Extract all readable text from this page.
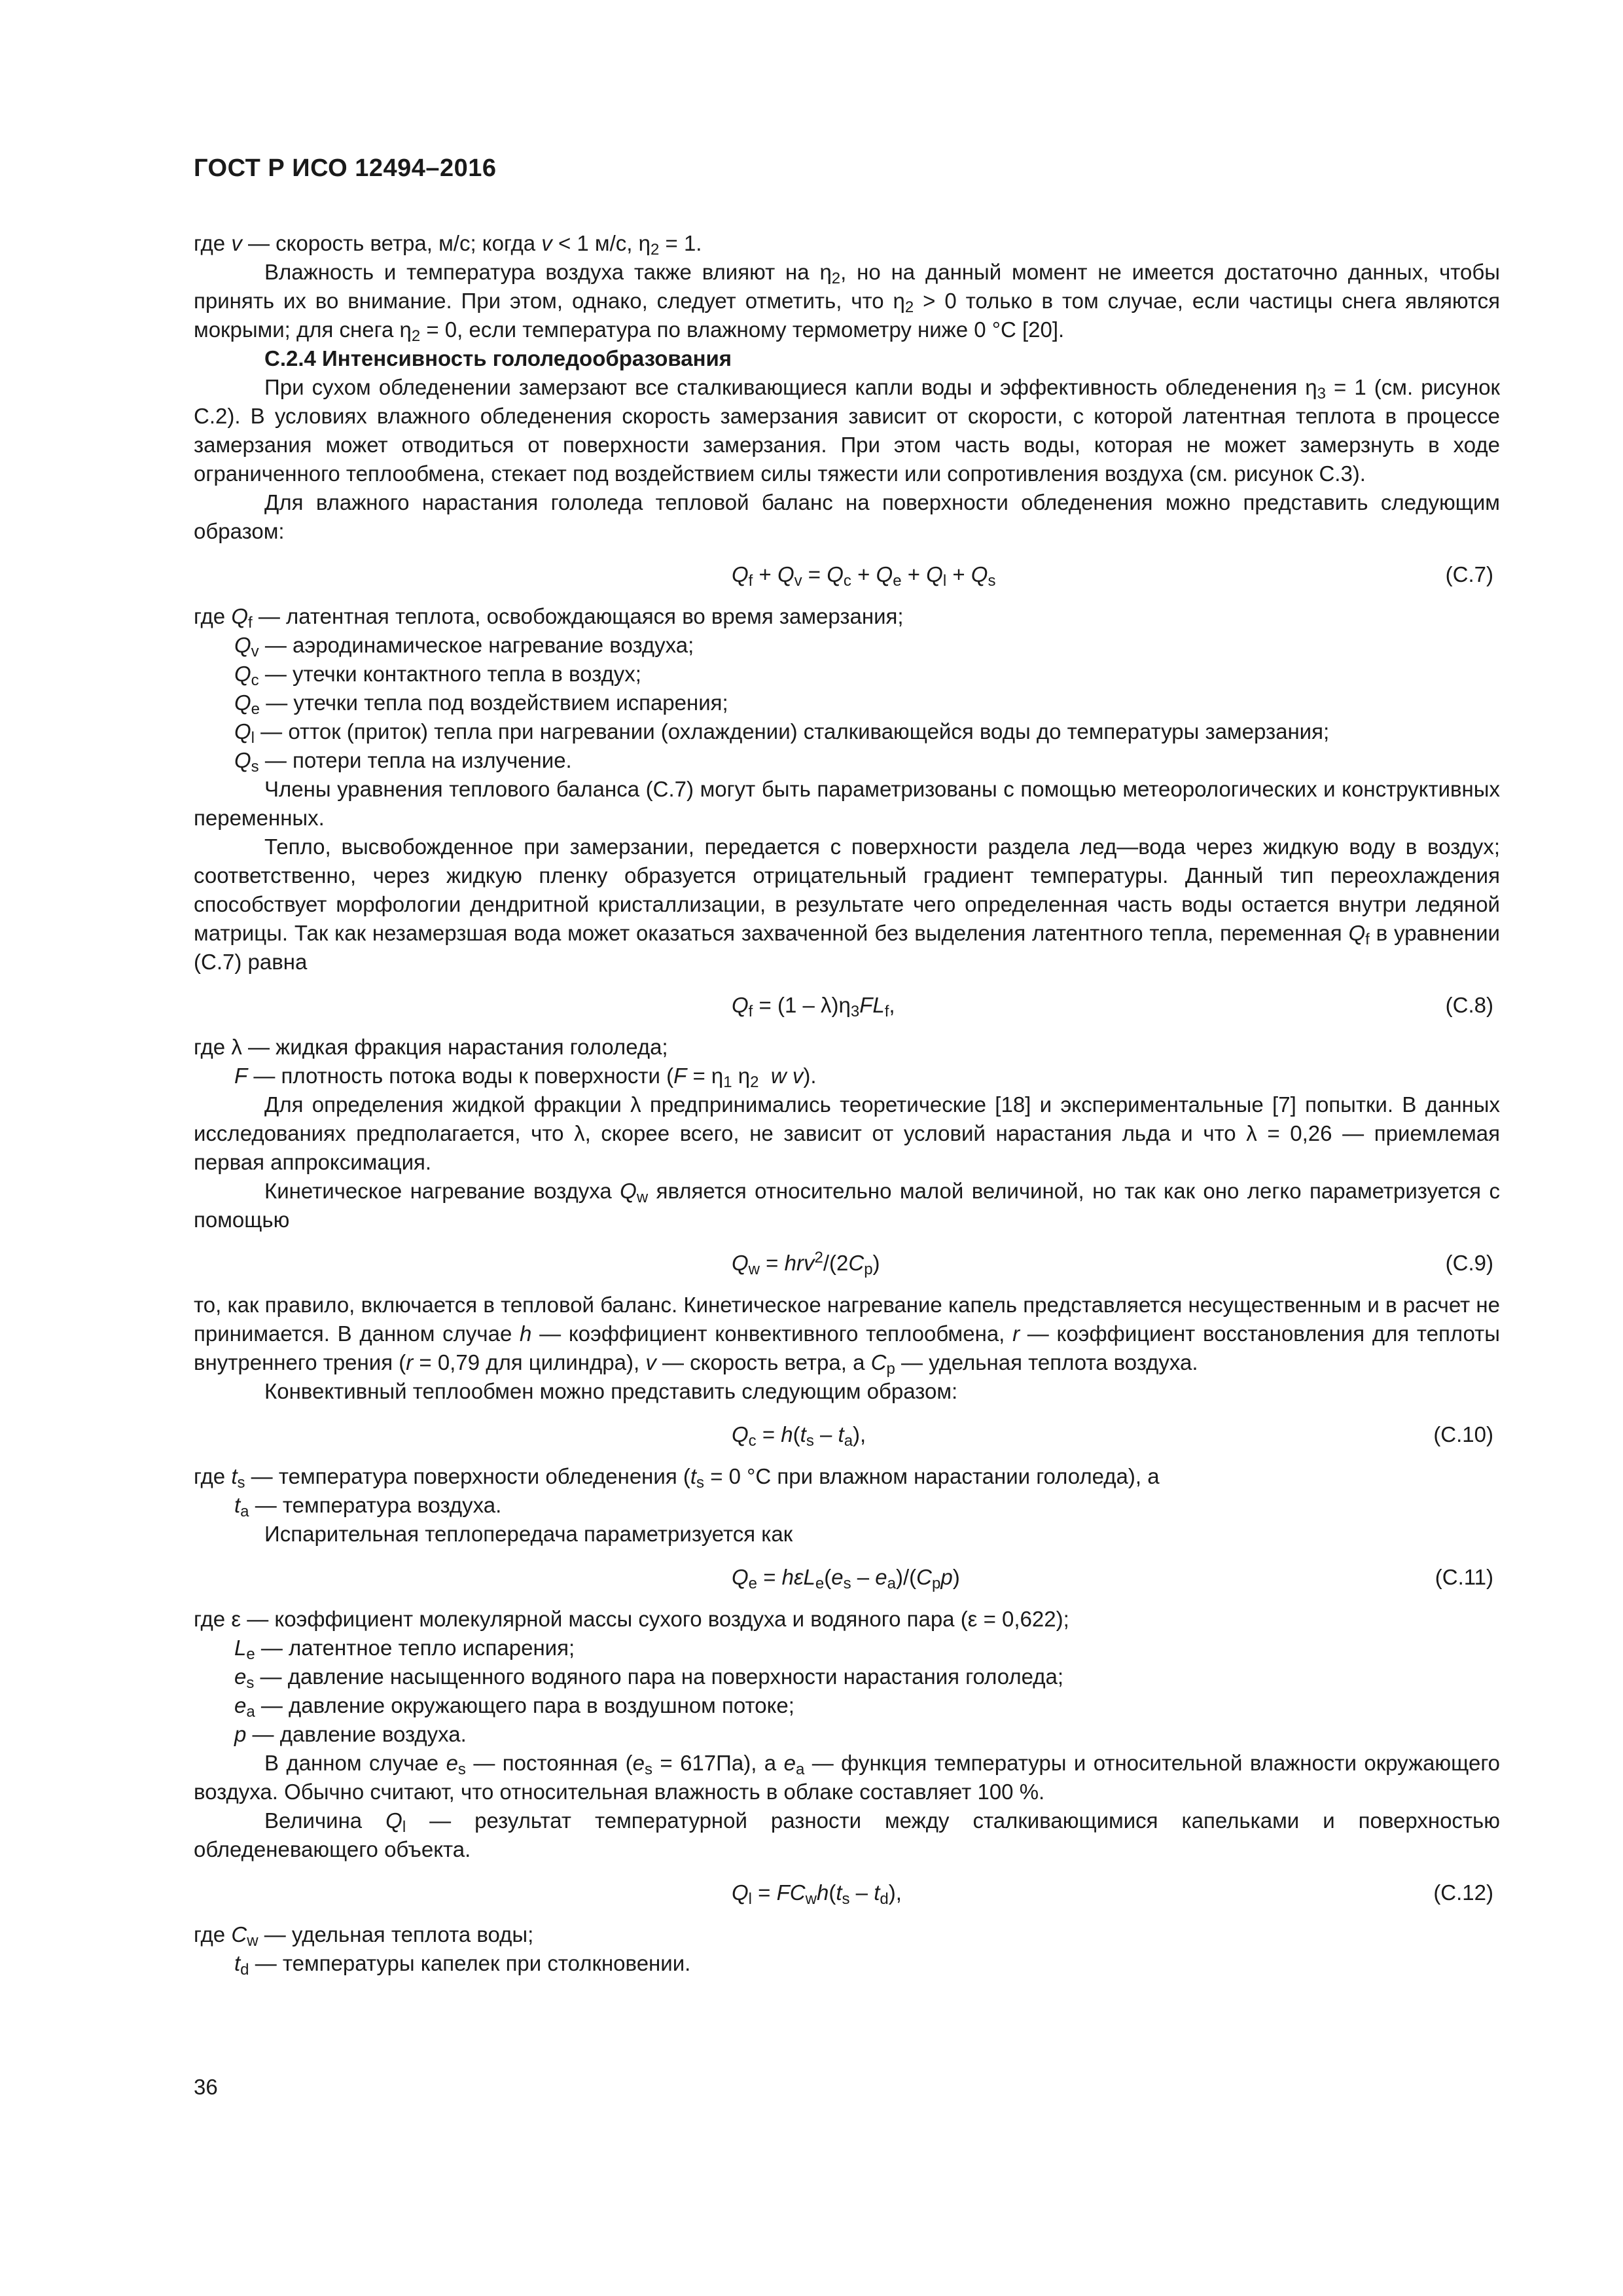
ГОСТ Р ИСО 12494–2016

где v — скорость ветра, м/с; когда v < 1 м/с, $\eta_2 = 1$.

Влажность и температура воздуха также влияют на $\eta_2$, но на данный момент не имеется достаточно данных, чтобы принять их во внимание. При этом, однако, следует отметить, что $\eta_2 > 0$ только в том случае, если частицы снега являются мокрыми; для снега $\eta_2 = 0$, если температура по влажному термометру ниже 0 °С [20].

С.2.4 Интенсивность гололедообразования

При сухом обледенении замерзают все сталкивающиеся капли воды и эффективность обледенения $\eta_3 = 1$ (см. рисунок С.2). В условиях влажного обледенения скорость замерзания зависит от скорости, с которой латентная теплота в процессе замерзания может отводиться от поверхности замерзания. При этом часть воды, которая не может замерзнуть в ходе ограниченного теплообмена, стекает под воздействием силы тяжести или сопротивления воздуха (см. рисунок С.3).

Для влажного нарастания гололеда тепловой баланс на поверхности обледенения можно представить следующим образом:

$Q_f + Q_v = Q_c + Q_e + Q_l + Q_s$	(С.7)

где $Q_f$ — латентная теплота, освобождающаяся во время замерзания;

$Q_v$ — аэродинамическое нагревание воздуха;

$Q_c$ — утечки контактного тепла в воздух;

$Q_e$ — утечки тепла под воздействием испарения;

$Q_l$ — отток (приток) тепла при нагревании (охлаждении) сталкивающейся воды до температуры замерзания;

$Q_s$ — потери тепла на излучение.

Члены уравнения теплового баланса (С.7) могут быть параметризованы с помощью метеорологических и конструктивных переменных.

Тепло, высвобожденное при замерзании, передается с поверхности раздела лед—вода через жидкую воду в воздух; соответственно, через жидкую пленку образуется отрицательный градиент температуры. Данный тип переохлаждения способствует морфологии дендритной кристаллизации, в результате чего определенная часть воды остается внутри ледяной матрицы. Так как незамерзшая вода может оказаться захваченной без выделения латентного тепла, переменная $Q_f$ в уравнении (С.7) равна

$Q_f = (1 - \lambda)\eta_3FL_f$,	(С.8)

где λ — жидкая фракция нарастания гололеда;

F — плотность потока воды к поверхности ($F = \eta_1$ $\eta_2$ w v).

Для определения жидкой фракции λ предпринимались теоретические [18] и экспериментальные [7] попытки. В данных исследованиях предполагается, что λ, скорее всего, не зависит от условий нарастания льда и что λ = 0,26 — приемлемая первая аппроксимация.

Кинетическое нагревание воздуха $Q_w$ является относительно малой величиной, но так как оно легко параметризуется с помощью

$Q_w = hrv^2/(2C_p)$	(С.9)

то, как правило, включается в тепловой баланс. Кинетическое нагревание капель представляется несущественным и в расчет не принимается. В данном случае h — коэффициент конвективного теплообмена, r — коэффициент восстановления для теплоты внутреннего трения (r = 0,79 для цилиндра), v — скорость ветра, а $C_p$ — удельная теплота воздуха.

Конвективный теплообмен можно представить следующим образом:

$Q_c = h(t_s - t_a)$,	(С.10)

где $t_s$ — температура поверхности обледенения ($t_s = 0$ °С при влажном нарастании гололеда), а

$t_a$ — температура воздуха.

Испарительная теплопередача параметризуется как

$Q_e = h\varepsilon L_e(e_s - e_a)/(C_pp)$	(С.11)

где ε — коэффициент молекулярной массы сухого воздуха и водяного пара (ε = 0,622);

$L_e$ — латентное тепло испарения;

$e_s$ — давление насыщенного водяного пара на поверхности нарастания гололеда;

$e_a$ — давление окружающего пара в воздушном потоке;

p — давление воздуха.

В данном случае $e_s$ — постоянная $(e_s = 617Па)$, а $e_a$ — функция температуры и относительной влажности окружающего воздуха. Обычно считают, что относительная влажность в облаке составляет 100 %.

Величина $Q_l$ — результат температурной разности между сталкивающимися капельками и поверхностью обледеневающего объекта.

$Q_l = FC_wh(t_s - t_d)$,	(С.12)

где $C_w$ — удельная теплота воды;

$t_d$ — температуры капелек при столкновении.

36
